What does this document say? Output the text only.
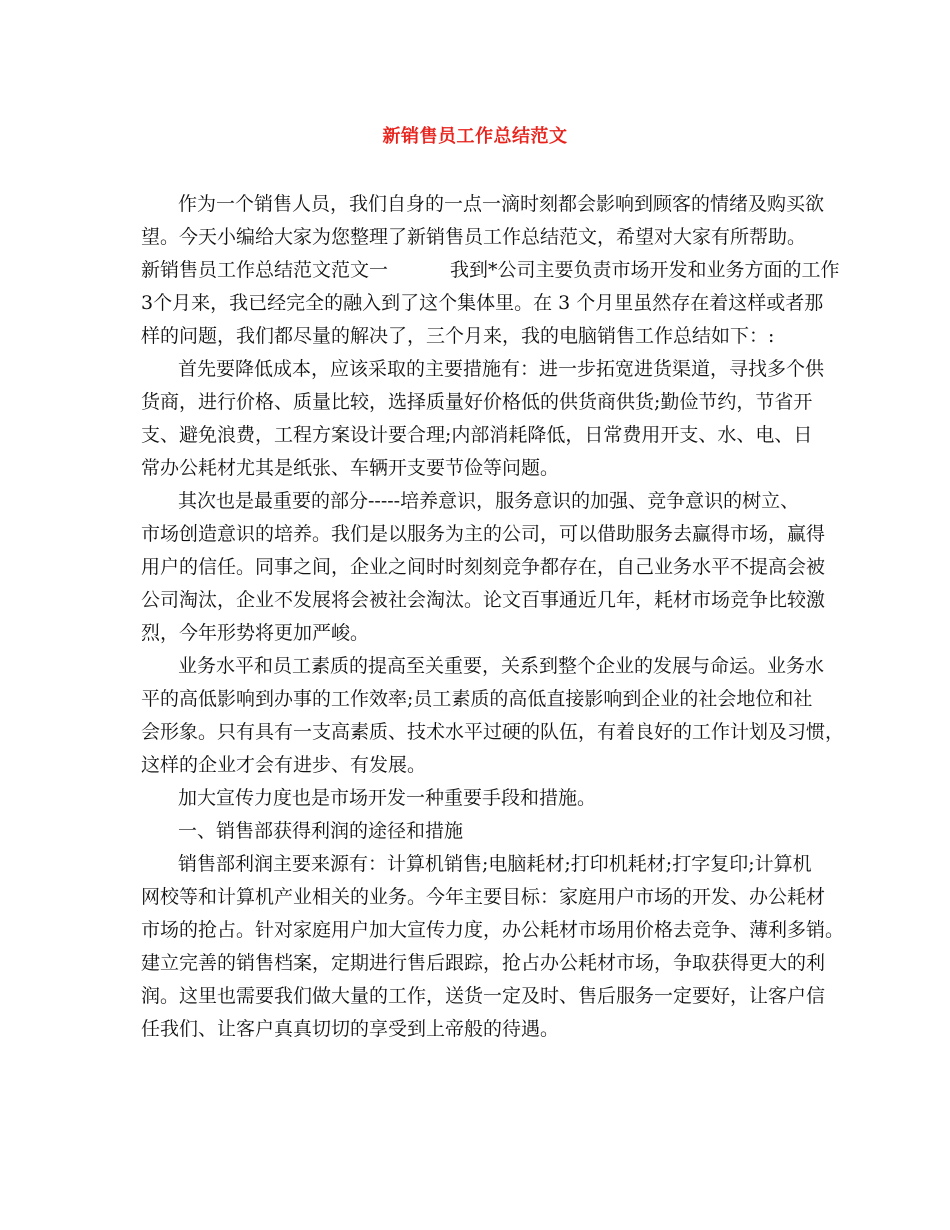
新销售员工作总结范文
作为一个销售人员，我们自身的一点一滴时刻都会影响到顾客的情绪及购买欲
望。今天小编给大家为您整理了新销售员工作总结范文，希望对大家有所帮助。
新销售员工作总结范文范文一	我到*公司主要负责市场开发和业务方面的工作
3个月来，我已经完全的融入到了这个集体里。在 3 个月里虽然存在着这样或者那
样的问题，我们都尽量的解决了，三个月来，我的电脑销售工作总结如下：:
首先要降低成本，应该采取的主要措施有：进一步拓宽进货渠道，寻找多个供
货商，进行价格、质量比较，选择质量好价格低的供货商供货;勤俭节约，节省开
支、避免浪费，工程方案设计要合理;内部消耗降低，日常费用开支、水、电、日
常办公耗材尤其是纸张、车辆开支要节俭等问题。
其次也是最重要的部分-----培养意识，服务意识的加强、竞争意识的树立、
市场创造意识的培养。我们是以服务为主的公司，可以借助服务去赢得市场，赢得
用户的信任。同事之间，企业之间时时刻刻竞争都存在，自己业务水平不提高会被
公司淘汰，企业不发展将会被社会淘汰。论文百事通近几年，耗材市场竞争比较激
烈，今年形势将更加严峻。
业务水平和员工素质的提高至关重要，关系到整个企业的发展与命运。业务水
平的高低影响到办事的工作效率;员工素质的高低直接影响到企业的社会地位和社
会形象。只有具有一支高素质、技术水平过硬的队伍，有着良好的工作计划及习惯，
这样的企业才会有进步、有发展。
加大宣传力度也是市场开发一种重要手段和措施。
一、销售部获得利润的途径和措施
销售部利润主要来源有：计算机销售;电脑耗材;打印机耗材;打字复印;计算机
网校等和计算机产业相关的业务。今年主要目标：家庭用户市场的开发、办公耗材
市场的抢占。针对家庭用户加大宣传力度，办公耗材市场用价格去竞争、薄利多销。
建立完善的销售档案，定期进行售后跟踪，抢占办公耗材市场，争取获得更大的利
润。这里也需要我们做大量的工作，送货一定及时、售后服务一定要好，让客户信
任我们、让客户真真切切的享受到上帝般的待遇。
